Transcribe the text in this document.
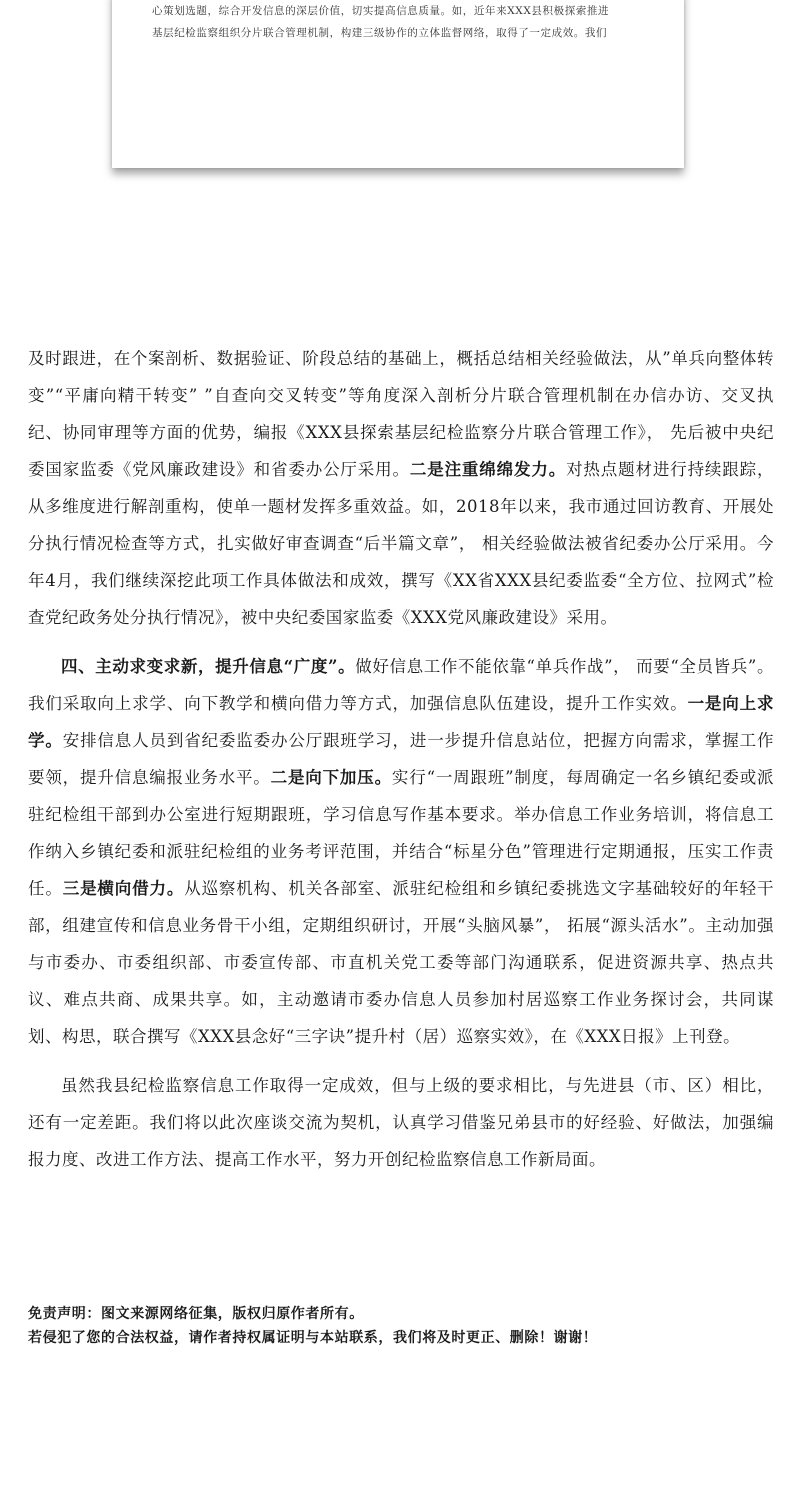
心策划选题，综合开发信息的深层价值，切实提高信息质量。如，近年来XXX县积极探索推进

基层纪检监察组织分片联合管理机制，构建三级协作的立体监督网络，取得了一定成效。我们

及时跟进，在个案剖析、数据验证、阶段总结的基础上，概括总结相关经验做法，从”单兵向整体转变”“平庸向精干转变” ”自查向交叉转变”等角度深入剖析分片联合管理机制在办信办访、交叉执纪、协同审理等方面的优势，编报《XXX县探索基层纪检监察分片联合管理工作》， 先后被中央纪委国家监委《党风廉政建设》和省委办公厅采用。二是注重绵绵发力。对热点题材进行持续跟踪，从多维度进行解剖重构，使单一题材发挥多重效益。如，2018年以来，我市通过回访教育、开展处分执行情况检查等方式，扎实做好审查调查“后半篇文章”， 相关经验做法被省纪委办公厅采用。今年4月，我们继续深挖此项工作具体做法和成效，撰写《XX省XXX县纪委监委“全方位、拉网式”检查党纪政务处分执行情况》，被中央纪委国家监委《XXX党风廉政建设》采用。

四、主动求变求新，提升信息“广度”。做好信息工作不能依靠“单兵作战”， 而要“全员皆兵”。我们采取向上求学、向下教学和横向借力等方式，加强信息队伍建设，提升工作实效。一是向上求学。安排信息人员到省纪委监委办公厅跟班学习，进一步提升信息站位，把握方向需求，掌握工作要领，提升信息编报业务水平。二是向下加压。实行“一周跟班”制度，每周确定一名乡镇纪委或派驻纪检组干部到办公室进行短期跟班，学习信息写作基本要求。举办信息工作业务培训，将信息工作纳入乡镇纪委和派驻纪检组的业务考评范围，并结合“标星分色”管理进行定期通报，压实工作责任。三是横向借力。从巡察机构、机关各部室、派驻纪检组和乡镇纪委挑选文字基础较好的年轻干部，组建宣传和信息业务骨干小组，定期组织研讨，开展“头脑风暴”， 拓展“源头活水”。主动加强与市委办、市委组织部、市委宣传部、市直机关党工委等部门沟通联系，促进资源共享、热点共议、难点共商、成果共享。如，主动邀请市委办信息人员参加村居巡察工作业务探讨会，共同谋划、构思，联合撰写《XXX县念好“三字诀”提升村（居）巡察实效》，在《XXX日报》上刊登。

虽然我县纪检监察信息工作取得一定成效，但与上级的要求相比，与先进县（市、区）相比，还有一定差距。我们将以此次座谈交流为契机，认真学习借鉴兄弟县市的好经验、好做法，加强编报力度、改进工作方法、提高工作水平，努力开创纪检监察信息工作新局面。

免责声明：图文来源网络征集，版权归原作者所有。

若侵犯了您的合法权益，请作者持权属证明与本站联系，我们将及时更正、删除！谢谢！
